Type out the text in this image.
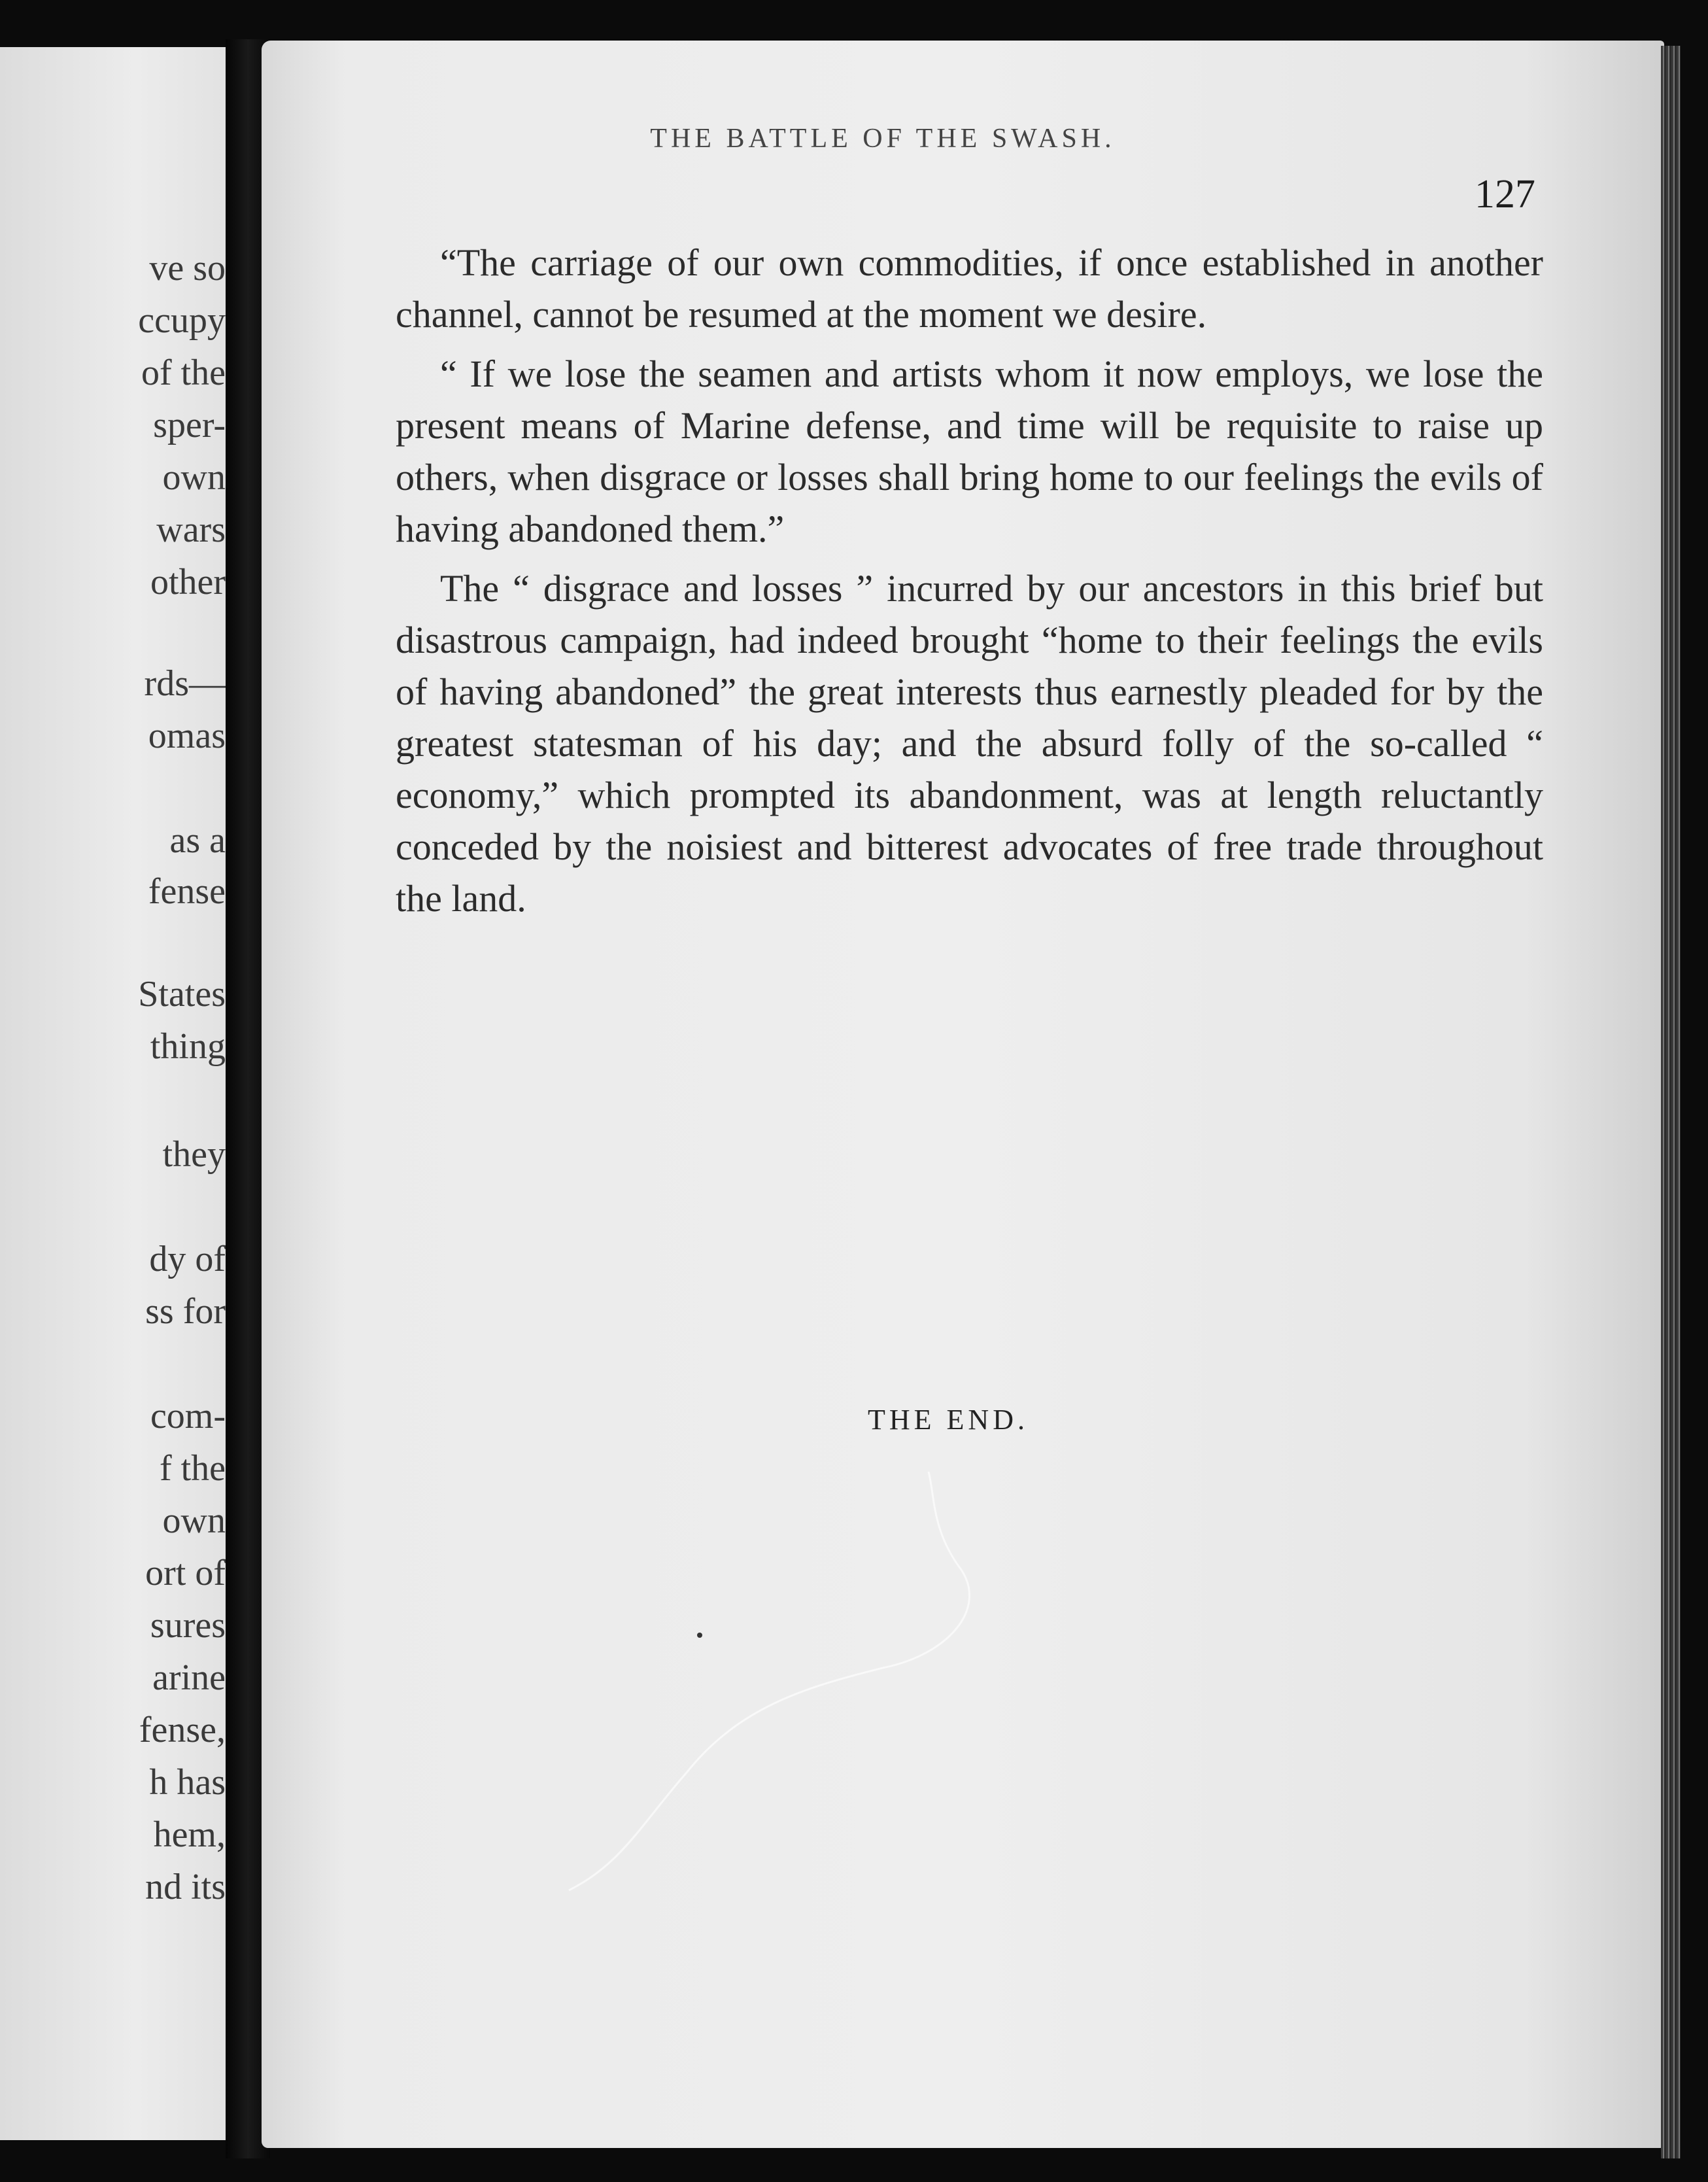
ve so
ccupy
of the
sper-
own
wars
other
rds—
omas
as a
fense
States
thing
they
dy of
ss for
com-
f the
own
ort of
sures
arine
fense,
h has
hem,
nd its
THE BATTLE OF THE SWASH.
127

“The carriage of our own commodities, if once established in another channel, cannot be resumed at the moment we desire.

“ If we lose the seamen and artists whom it now employs, we lose the present means of Marine defense, and time will be requisite to raise up others, when disgrace or losses shall bring home to our feelings the evils of having abandoned them.”

The “ disgrace and losses ” incurred by our ancestors in this brief but disastrous campaign, had indeed brought “home to their feelings the evils of having abandoned” the great interests thus earnestly pleaded for by the greatest statesman of his day; and the absurd folly of the so-called “ economy,” which prompted its abandonment, was at length reluctantly conceded by the noisiest and bitterest advocates of free trade throughout the land.

THE END.
